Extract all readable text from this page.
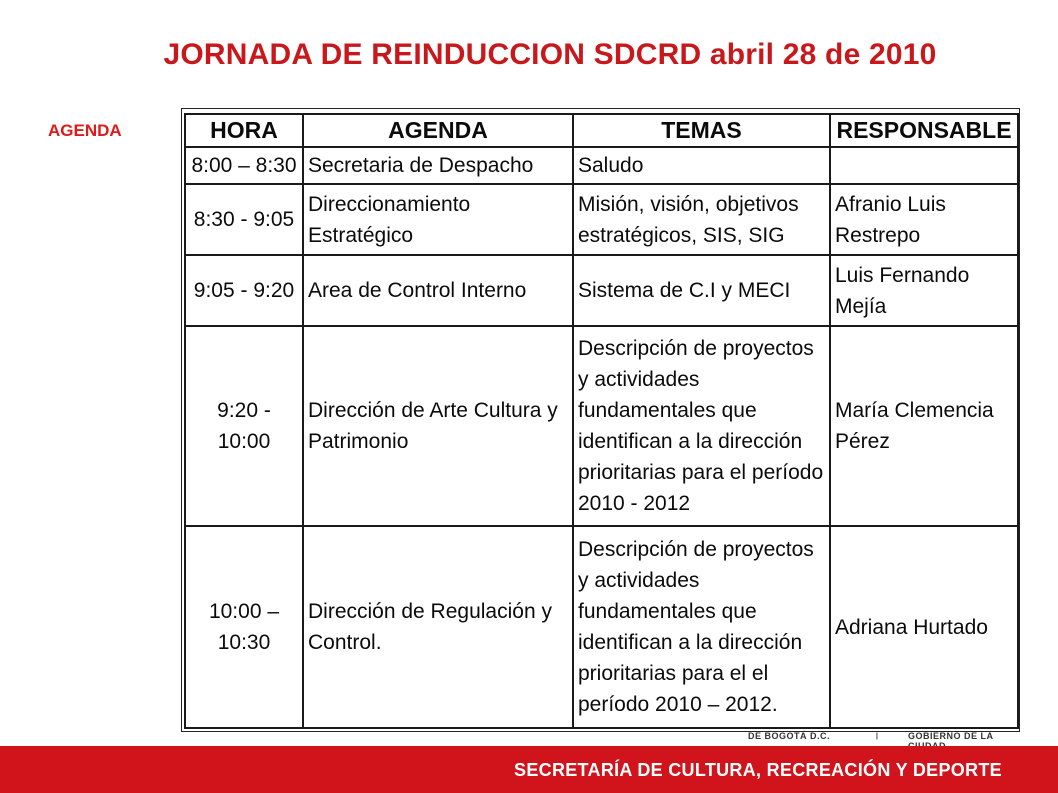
JORNADA DE REINDUCCION SDCRD abril 28 de 2010
AGENDA	HORA	AGENDA	TEMAS	RESPONSABLE
8:00 – 8:30	Secretaria de Despacho	Saludo	
8:30 - 9:05	Direccionamiento Estratégico	Misión, visión, objetivos estratégicos, SIS, SIG	Afranio Luis Restrepo
9:05 - 9:20	Area de Control Interno	Sistema de C.I y MECI	Luis Fernando Mejía
9:20 - 10:00	Dirección de Arte Cultura y Patrimonio	Descripción de proyectos y actividades fundamentales que identifican a la dirección prioritarias para el período 2010 - 2012	María Clemencia Pérez
10:00 – 10:30	Dirección de Regulación y Control.	Descripción de proyectos y actividades fundamentales que identifican a la dirección prioritarias para el el período 2010 – 2012.	Adriana Hurtado
DE BOGOTÁ D.C.	|	GOBIERNO DE LA
SECRETARÍA DE CULTURA, RECREACIÓN Y DEPORTE
